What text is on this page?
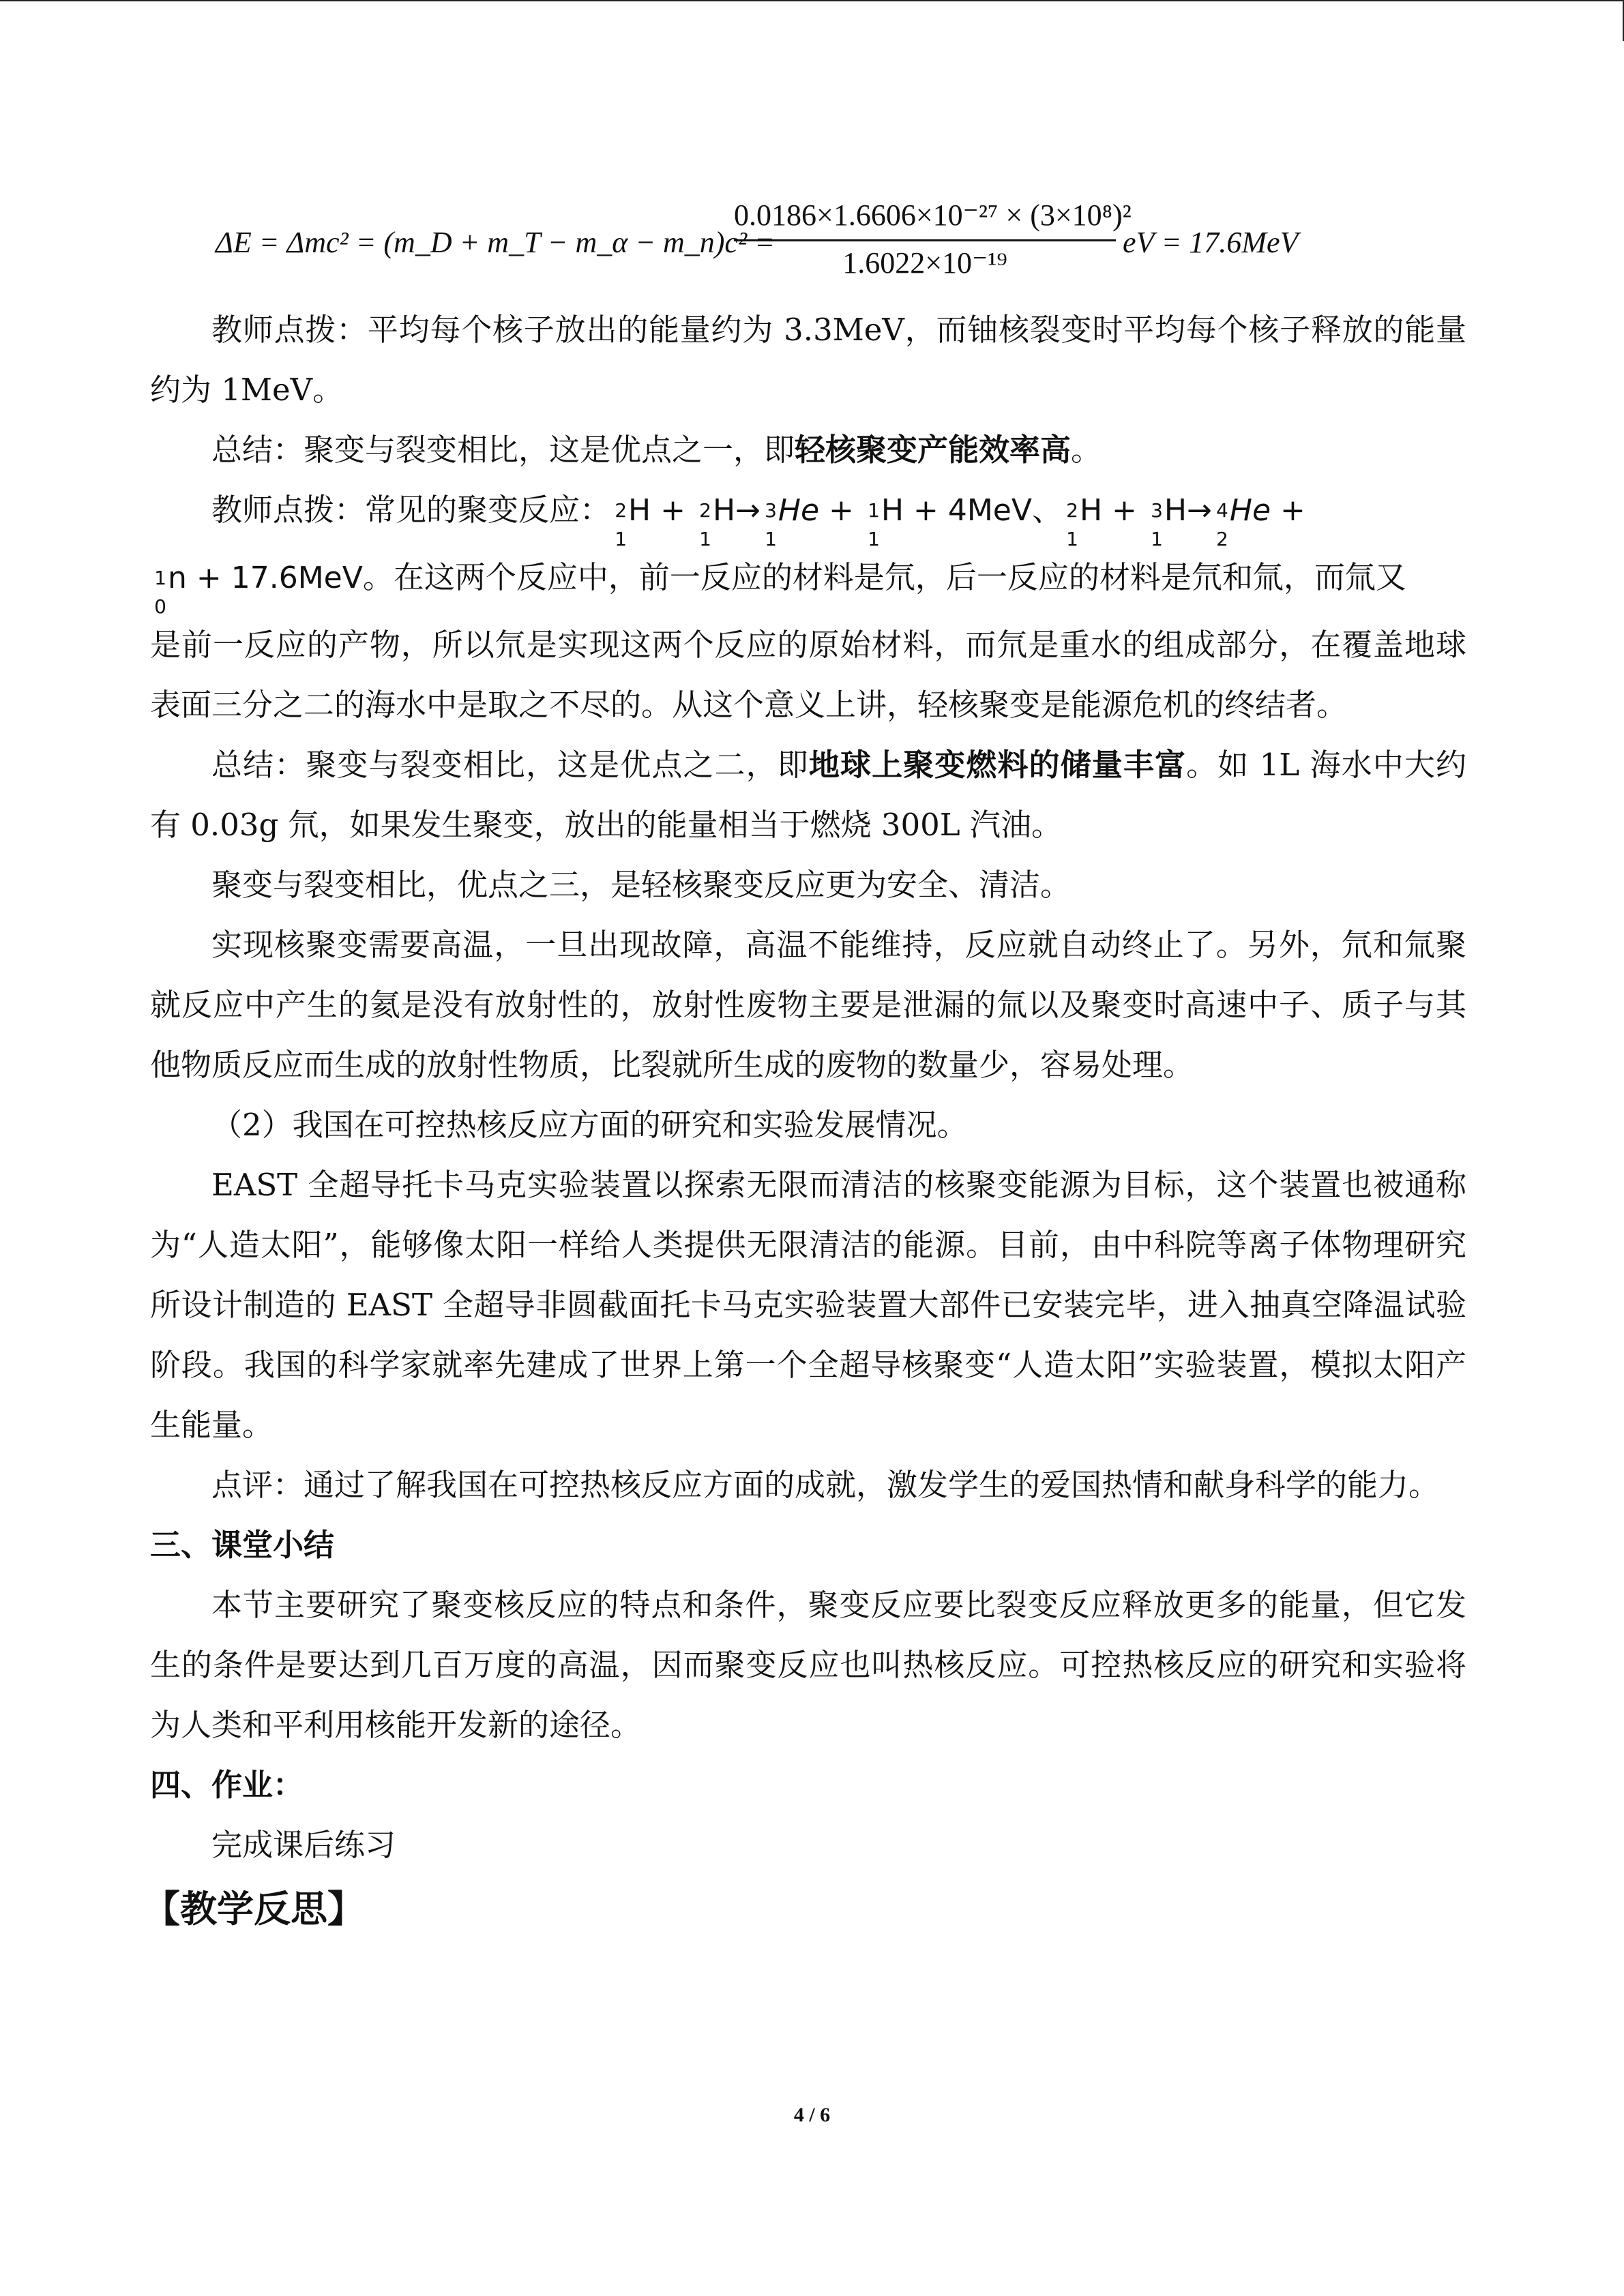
ΔE = Δmc² = (m_D + m_T − m_α − m_n)c² =
$\frac{\text{0.0186×1.6606×10⁻²⁷ × (3×10⁸)²}}{\text{1.6022×10⁻¹⁹}}$ eV = 17.6MeV

教师点拨：平均每个核子放出的能量约为 3.3MeV，而铀核裂变时平均每个核子释放的能量约为 1MeV。

总结：聚变与裂变相比，这是优点之一，即轻核聚变产能效率高。

教师点拨：常见的聚变反应： 2
1
H + 2
1
H→ 3
1
He + 1
1
H + 4MeV、 2
1
H + 3
1
H→ 4
2
He +

1
0
n + 17.6MeV。在这两个反应中，前一反应的材料是氘，后一反应的材料是氘和氚，而氚又

是前一反应的产物，所以氘是实现这两个反应的原始材料，而氘是重水的组成部分，在覆盖地球表面三分之二的海水中是取之不尽的。从这个意义上讲，轻核聚变是能源危机的终结者。

总结：聚变与裂变相比，这是优点之二，即地球上聚变燃料的储量丰富。如 1L 海水中大约有 0.03g 氘，如果发生聚变，放出的能量相当于燃烧 300L 汽油。

聚变与裂变相比，优点之三，是轻核聚变反应更为安全、清洁。

实现核聚变需要高温，一旦出现故障，高温不能维持，反应就自动终止了。另外，氘和氚聚就反应中产生的氦是没有放射性的，放射性废物主要是泄漏的氚以及聚变时高速中子、质子与其他物质反应而生成的放射性物质，比裂就所生成的废物的数量少，容易处理。

（2）我国在可控热核反应方面的研究和实验发展情况。

EAST 全超导托卡马克实验装置以探索无限而清洁的核聚变能源为目标，这个装置也被通称为“人造太阳”，能够像太阳一样给人类提供无限清洁的能源。目前，由中科院等离子体物理研究所设计制造的 EAST 全超导非圆截面托卡马克实验装置大部件已安装完毕，进入抽真空降温试验阶段。我国的科学家就率先建成了世界上第一个全超导核聚变“人造太阳”实验装置，模拟太阳产生能量。

点评：通过了解我国在可控热核反应方面的成就，激发学生的爱国热情和献身科学的能力。

三、课堂小结

本节主要研究了聚变核反应的特点和条件，聚变反应要比裂变反应释放更多的能量，但它发生的条件是要达到几百万度的高温，因而聚变反应也叫热核反应。可控热核反应的研究和实验将为人类和平利用核能开发新的途径。

四、作业：

完成课后练习

【教学反思】

4 / 6
